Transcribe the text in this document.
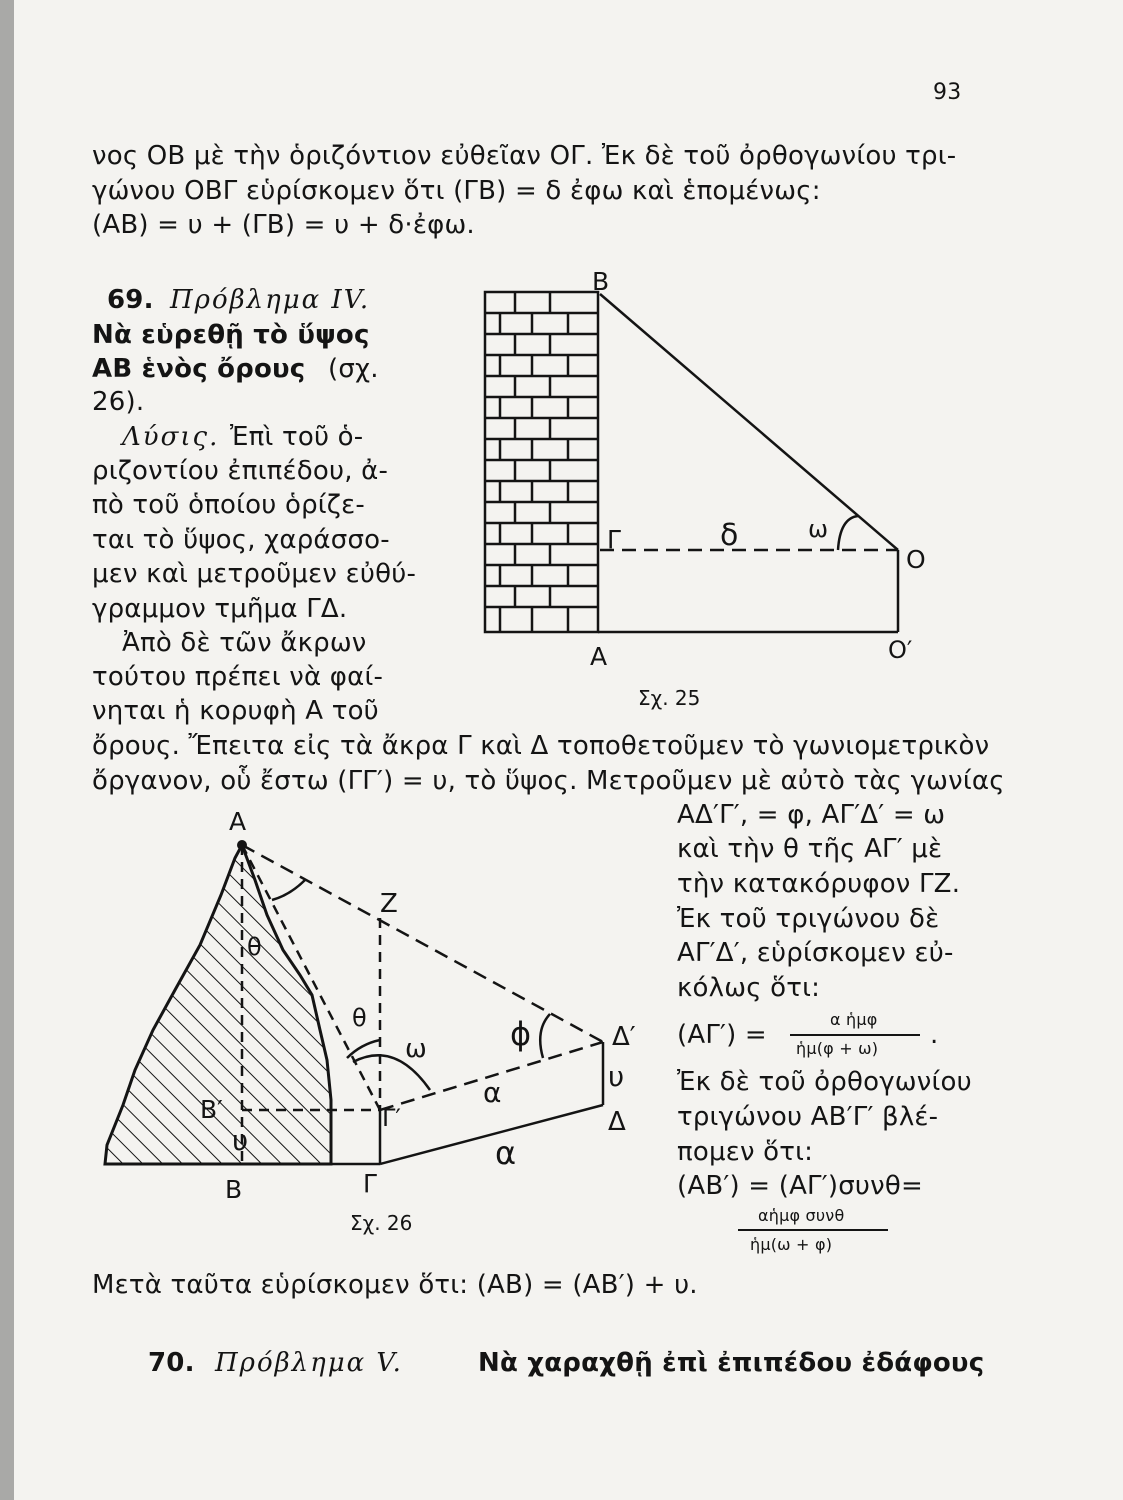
93
νος ΟΒ μὲ τὴν ὁριζόντιον εὐθεῖαν ΟΓ. Ἐκ δὲ τοῦ ὀρθογωνίου τρι-
γώνου ΟΒΓ εὑρίσκομεν ὅτι (ΓΒ) = δ ἐφω καὶ ἑπομένως:
(ΑΒ) = υ + (ΓΒ) = υ + δ·ἐφω.
69. Πρόβλημα IV.
Νὰ εὑρεθῇ τὸ ὕψος
ΑΒ ἑνὸς ὄρους (σχ.
26).
Λύσις. Ἐπὶ τοῦ ὁ-
ριζοντίου ἐπιπέδου, ἀ-
πὸ τοῦ ὁποίου ὁρίζε-
ται τὸ ὕψος, χαράσσο-
μεν καὶ μετροῦμεν εὐθύ-
γραμμον τμῆμα ΓΔ.
Ἀπὸ δὲ τῶν ἄκρων
τούτου πρέπει νὰ φαί-
νηται ἡ κορυφὴ Α τοῦ
ὄρους. Ἔπειτα εἰς τὰ ἄκρα Γ καὶ Δ τοποθετοῦμεν τὸ γωνιομετρικὸν
ὄργανον, οὗ ἔστω (ΓΓ′) = υ, τὸ ὕψος. Μετροῦμεν μὲ αὐτὸ τὰς γωνίας
ΑΔ′Γ′, = φ, ΑΓ′Δ′ = ω
καὶ τὴν θ τῆς ΑΓ′ μὲ
τὴν κατακόρυφον ΓΖ.
Ἐκ τοῦ τριγώνου δὲ
ΑΓ′Δ′, εὑρίσκομεν εὐ-
κόλως ὅτι:
(ΑΓ′) =
α ἡμφ
ἡμ(φ + ω) .
Ἐκ δὲ τοῦ ὀρθογωνίου
τριγώνου ΑΒ′Γ′ βλέ-
πομεν ὅτι:
(ΑΒ′) = (ΑΓ′)συνθ=
αἡμφ συνθ
ἡμ(ω + φ)
Μετὰ ταῦτα εὑρίσκομεν ὅτι: (ΑΒ) = (ΑΒ′) + υ.
70. Πρόβλημα V.	Νὰ χαραχθῇ ἐπὶ ἐπιπέδου ἐδάφους
B
Γ	δ	ω
O
A	O′
Σχ. 25
A
Z
θ
θ
ω	ϕ	Δ′
υ
Δ
B′
υ
Γ′
α
α
B	Γ
Σχ. 26
